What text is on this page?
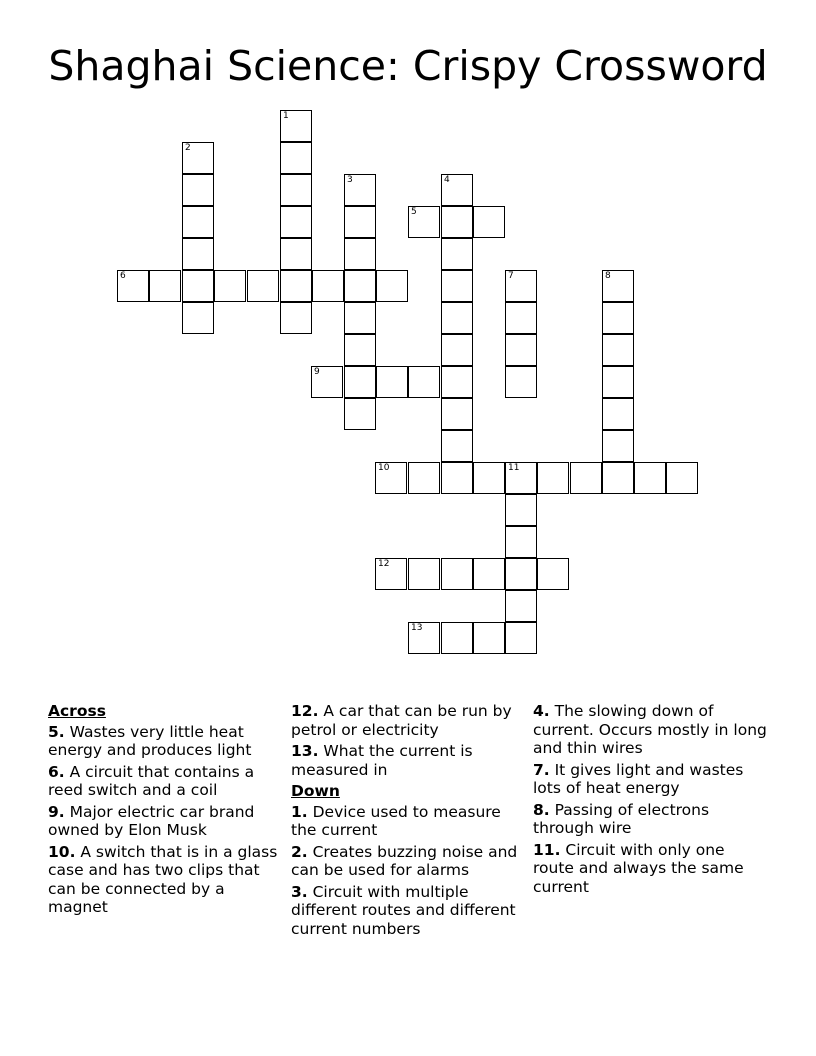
Shaghai Science: Crispy Crossword
1
2
3	4
5
6	7	8
9
10	11
12
13
Across
5. Wastes very little heat energy and produces light
6. A circuit that contains a reed switch and a coil
9. Major electric car brand owned by Elon Musk
10. A switch that is in a glass case and has two clips that can be connected by a magnet
12. A car that can be run by petrol or electricity
13. What the current is measured in
Down
1. Device used to measure the current
2. Creates buzzing noise and can be used for alarms
3. Circuit with multiple different routes and different current numbers
4. The slowing down of current. Occurs mostly in long and thin wires
7. It gives light and wastes lots of heat energy
8. Passing of electrons through wire
11. Circuit with only one route and always the same current
